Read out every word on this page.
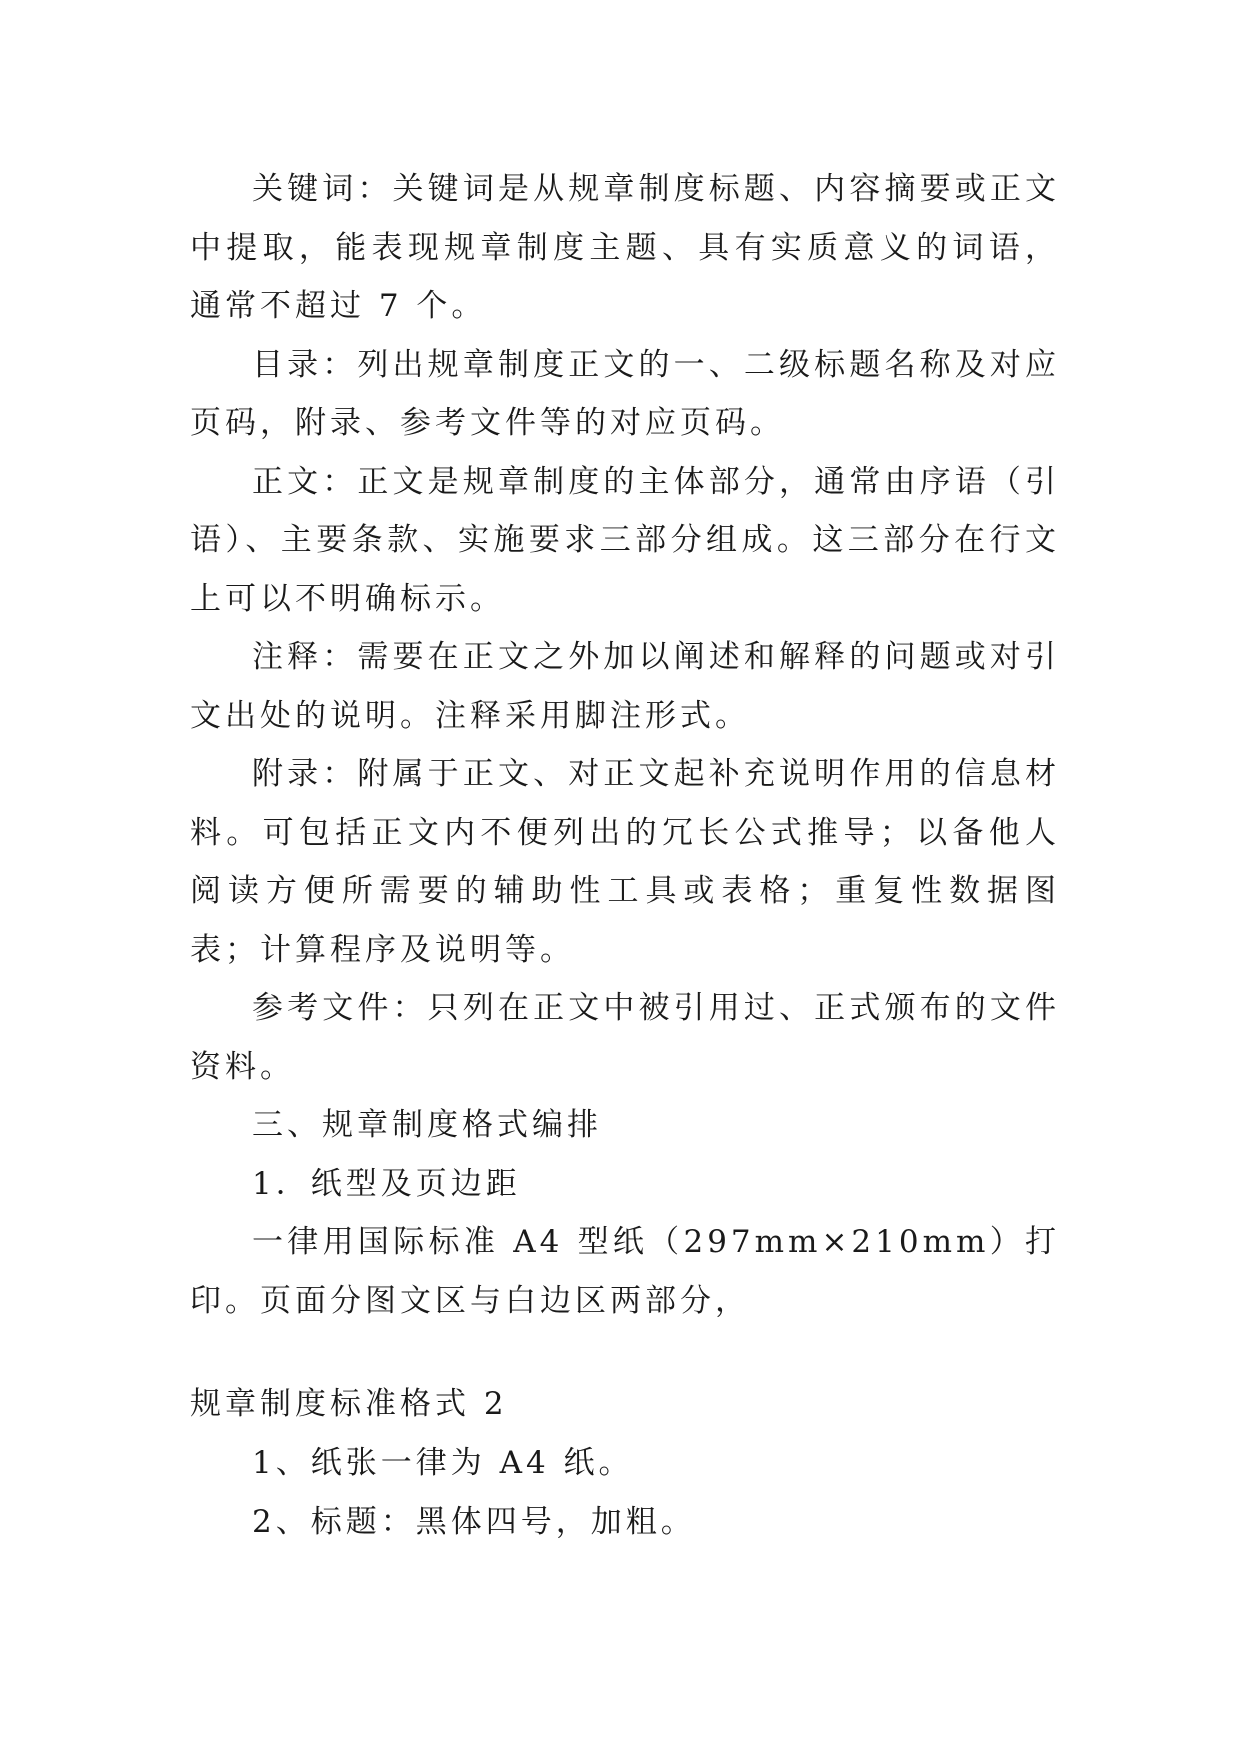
关键词：关键词是从规章制度标题、内容摘要或正文中提取，能表现规章制度主题、具有实质意义的词语，通常不超过 7 个。

目录：列出规章制度正文的一、二级标题名称及对应页码，附录、参考文件等的对应页码。

正文：正文是规章制度的主体部分，通常由序语（引语）、主要条款、实施要求三部分组成。这三部分在行文上可以不明确标示。

注释：需要在正文之外加以阐述和解释的问题或对引文出处的说明。注释采用脚注形式。

附录：附属于正文、对正文起补充说明作用的信息材料。可包括正文内不便列出的冗长公式推导；以备他人阅读方便所需要的辅助性工具或表格；重复性数据图表；计算程序及说明等。

参考文件：只列在正文中被引用过、正式颁布的文件资料。

三、规章制度格式编排

1．纸型及页边距

一律用国际标准 A4 型纸（297mm×210mm）打印。页面分图文区与白边区两部分，

规章制度标准格式 2

1、纸张一律为 A4 纸。

2、标题：黑体四号，加粗。
